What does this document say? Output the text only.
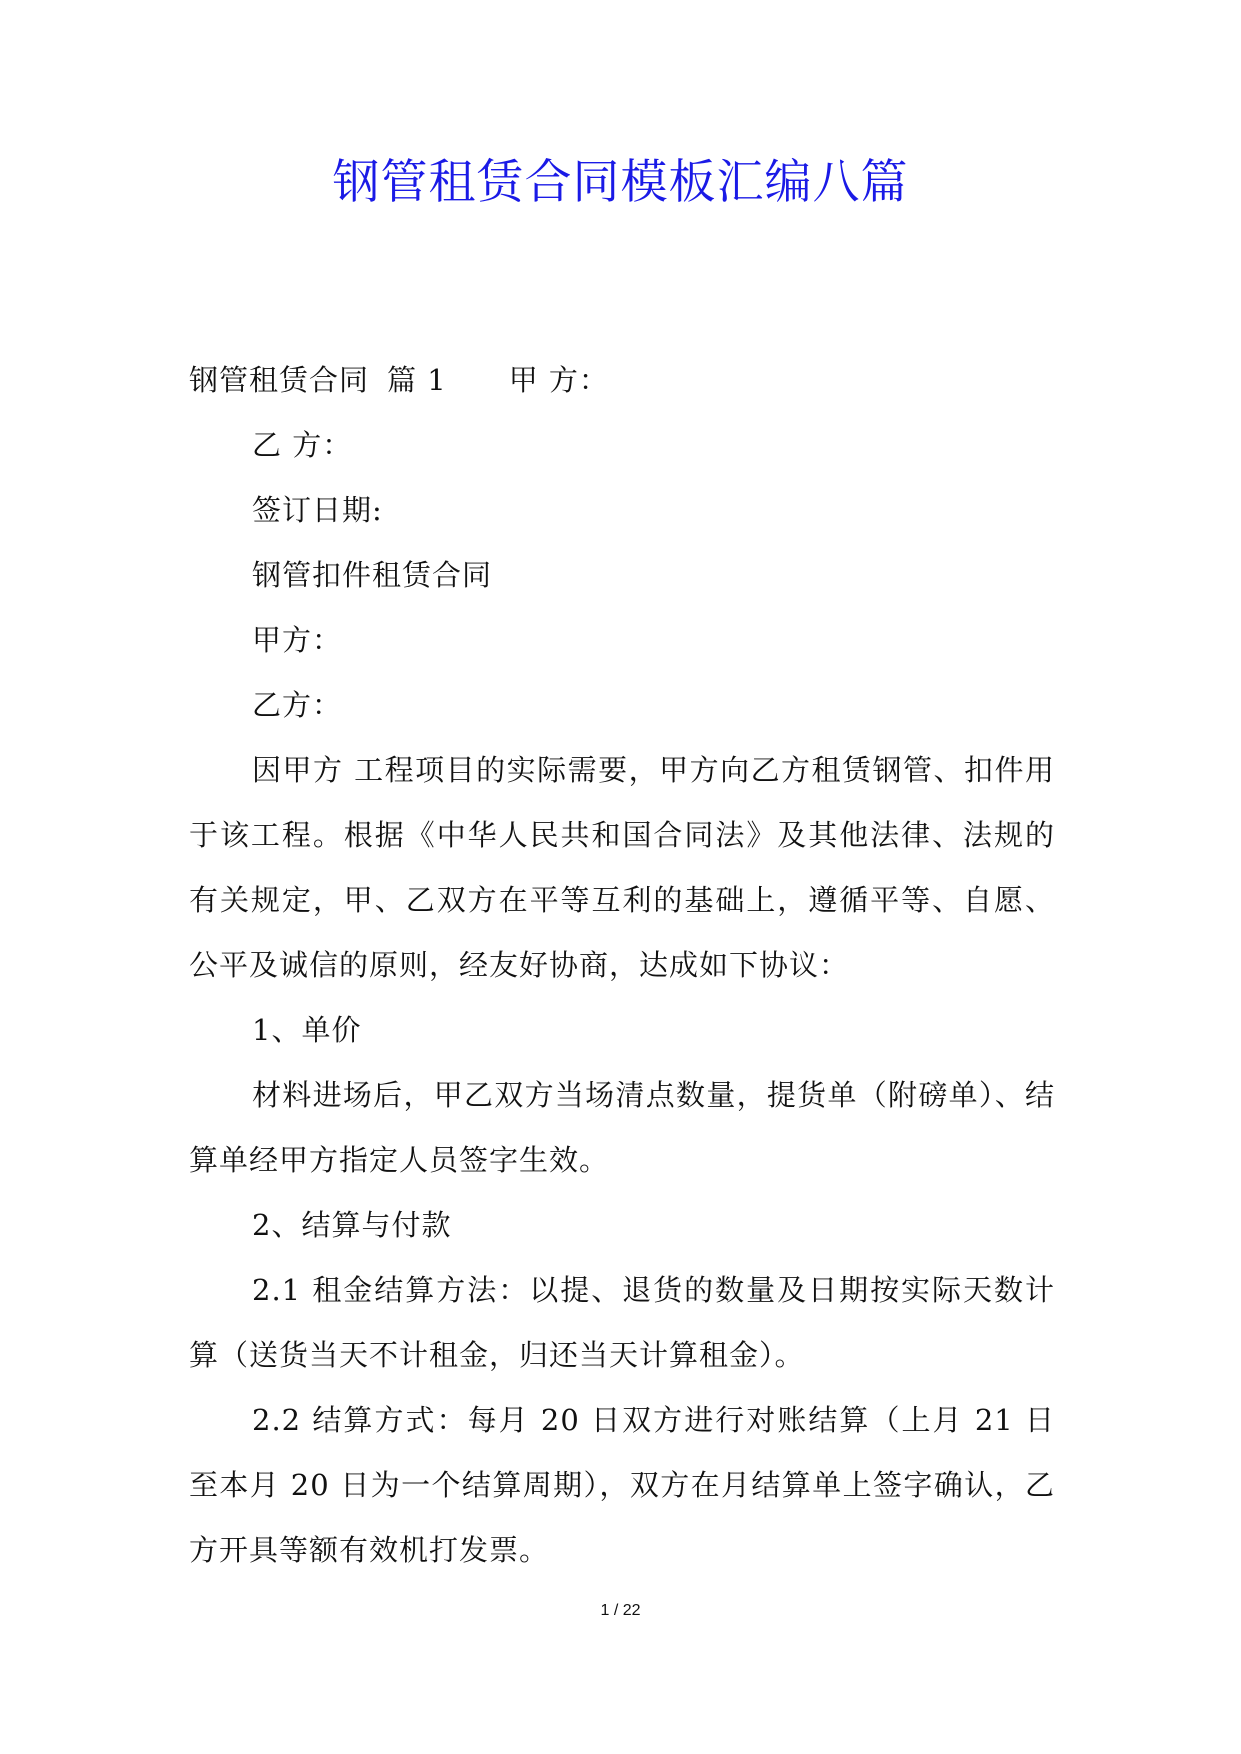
钢管租赁合同模板汇编八篇
钢管租赁合同 篇 1 甲 方：
乙 方：
签订日期:
钢管扣件租赁合同
甲方：
乙方：

因甲方 工程项目的实际需要，甲方向乙方租赁钢管、扣件用于该工程。根据《中华人民共和国合同法》及其他法律、法规的有关规定，甲、乙双方在平等互利的基础上，遵循平等、自愿、公平及诚信的原则，经友好协商，达成如下协议：

1、单价

材料进场后，甲乙双方当场清点数量，提货单（附磅单）、结算单经甲方指定人员签字生效。

2、结算与付款

2.1 租金结算方法：以提、退货的数量及日期按实际天数计算（送货当天不计租金，归还当天计算租金）。

2.2 结算方式：每月 20 日双方进行对账结算（上月 21 日至本月 20 日为一个结算周期），双方在月结算单上签字确认，乙方开具等额有效机打发票。

1 / 22
